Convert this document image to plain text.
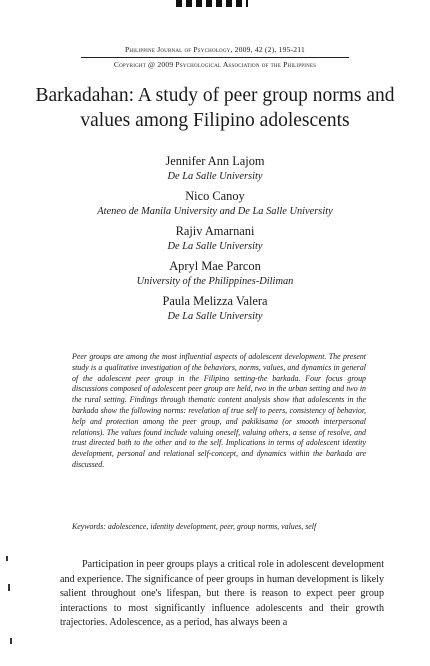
Philippine Journal of Psychology, 2009, 42 (2), 195-211
Copyright @ 2009 Psychological Association of the Philippines
Barkadahan: A study of peer group norms and values among Filipino adolescents
Jennifer Ann Lajom
De La Salle University
Nico Canoy
Ateneo de Manila University and De La Salle University
Rajiv Amarnani
De La Salle University
Apryl Mae Parcon
University of the Philippines-Diliman
Paula Melizza Valera
De La Salle University

Peer groups are among the most influential aspects of adolescent development. The present study is a qualitative investigation of the behaviors, norms, values, and dynamics in general of the adolescent peer group in the Filipino setting-the barkada. Four focus group discussions composed of adolescent peer group are held, two in the urban setting and two in the rural setting. Findings through thematic content analysis show that adolescents in the barkada show the following norms: revelation of true self to peers, consistency of behavior, help and protection among the peer group, and pakikisama (or smooth interpersonal relations). The values found include valuing oneself, valuing others, a sense of resolve, and trust directed both to the other and to the self. Implications in terms of adolescent identity development, personal and relational self-concept, and dynamics within the barkada are discussed.

Keywords: adolescence, identity development, peer, group norms, values, self

Participation in peer groups plays a critical role in adolescent development and experience. The significance of peer groups in human development is likely salient throughout one's lifespan, but there is reason to expect peer group interactions to most significantly influence adolescents and their growth trajectories. Adolescence, as a period, has always been a
